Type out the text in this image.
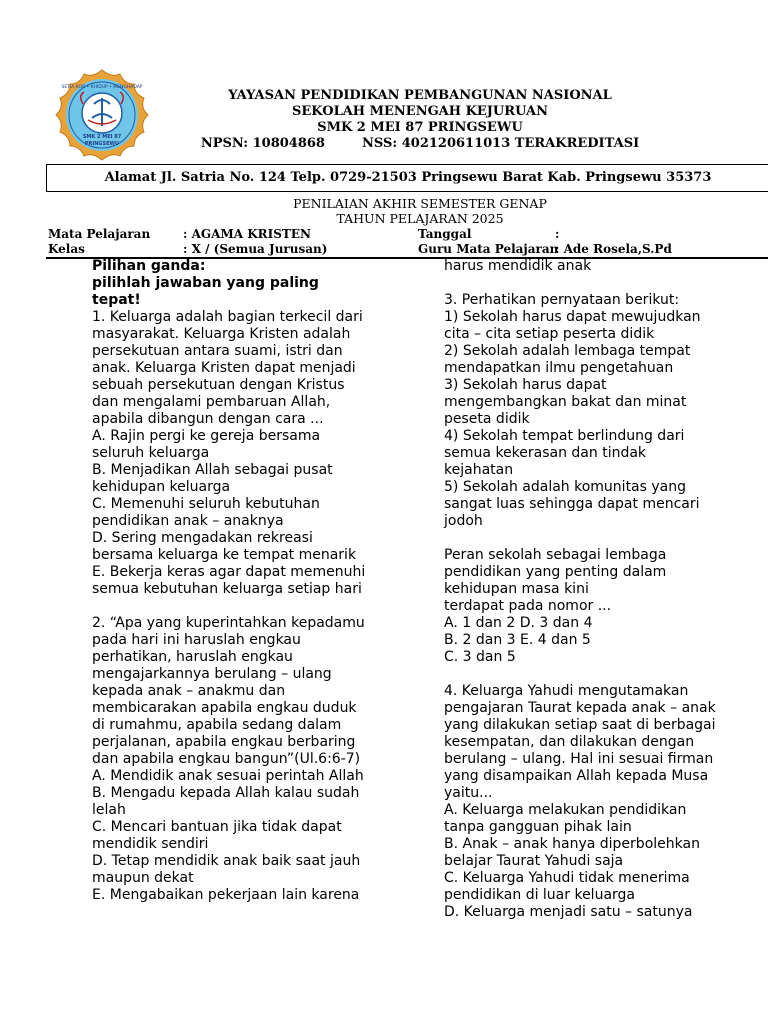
SETIA KOR • KHIDUP • MENGHADAP
SMK 2 MEI 87
PRINGSEWU
YAYASAN PENDIDIKAN PEMBANGUNAN NASIONAL
SEKOLAH MENENGAH KEJURUAN
SMK 2 MEI 87 PRINGSEWU
NPSN: 10804868	NSS: 402120611013 TERAKREDITASI
Alamat Jl. Satria No. 124 Telp. 0729-21503 Pringsewu Barat Kab. Pringsewu 35373
PENILAIAN AKHIR SEMESTER GENAP
TAHUN PELAJARAN 2025
Mata Pelajaran	: AGAMA KRISTEN
Kelas	: X / (Semua Jurusan)
Tanggal	:
Guru Mata Pelajaran
: Ade Rosela,S.Pd
Pilihan ganda:
pilihlah jawaban yang paling
tepat!
1. Keluarga adalah bagian terkecil dari
masyarakat. Keluarga Kristen adalah
persekutuan antara suami, istri dan
anak. Keluarga Kristen dapat menjadi
sebuah persekutuan dengan Kristus
dan mengalami pembaruan Allah,
apabila dibangun dengan cara ...
A. Rajin pergi ke gereja bersama
seluruh keluarga
B. Menjadikan Allah sebagai pusat
kehidupan keluarga
C. Memenuhi seluruh kebutuhan
pendidikan anak – anaknya
D. Sering mengadakan rekreasi
bersama keluarga ke tempat menarik
E. Bekerja keras agar dapat memenuhi
semua kebutuhan keluarga setiap hari
2. “Apa yang kuperintahkan kepadamu
pada hari ini haruslah engkau
perhatikan, haruslah engkau
mengajarkannya berulang – ulang
kepada anak – anakmu dan
membicarakan apabila engkau duduk
di rumahmu, apabila sedang dalam
perjalanan, apabila engkau berbaring
dan apabila engkau bangun”(Ul.6:6-7)
A. Mendidik anak sesuai perintah Allah
B. Mengadu kepada Allah kalau sudah
lelah
C. Mencari bantuan jika tidak dapat
mendidik sendiri
D. Tetap mendidik anak baik saat jauh
maupun dekat
E. Mengabaikan pekerjaan lain karena
harus mendidik anak
3. Perhatikan pernyataan berikut:
1) Sekolah harus dapat mewujudkan
cita – cita setiap peserta didik
2) Sekolah adalah lembaga tempat
mendapatkan ilmu pengetahuan
3) Sekolah harus dapat
mengembangkan bakat dan minat
peseta didik
4) Sekolah tempat berlindung dari
semua kekerasan dan tindak
kejahatan
5) Sekolah adalah komunitas yang
sangat luas sehingga dapat mencari
jodoh
Peran sekolah sebagai lembaga
pendidikan yang penting dalam
kehidupan masa kini
terdapat pada nomor ...
A. 1 dan 2 D. 3 dan 4
B. 2 dan 3 E. 4 dan 5
C. 3 dan 5
4. Keluarga Yahudi mengutamakan
pengajaran Taurat kepada anak – anak
yang dilakukan setiap saat di berbagai
kesempatan, dan dilakukan dengan
berulang – ulang. Hal ini sesuai firman
yang disampaikan Allah kepada Musa
yaitu...
A. Keluarga melakukan pendidikan
tanpa gangguan pihak lain
B. Anak – anak hanya diperbolehkan
belajar Taurat Yahudi saja
C. Keluarga Yahudi tidak menerima
pendidikan di luar keluarga
D. Keluarga menjadi satu – satunya
